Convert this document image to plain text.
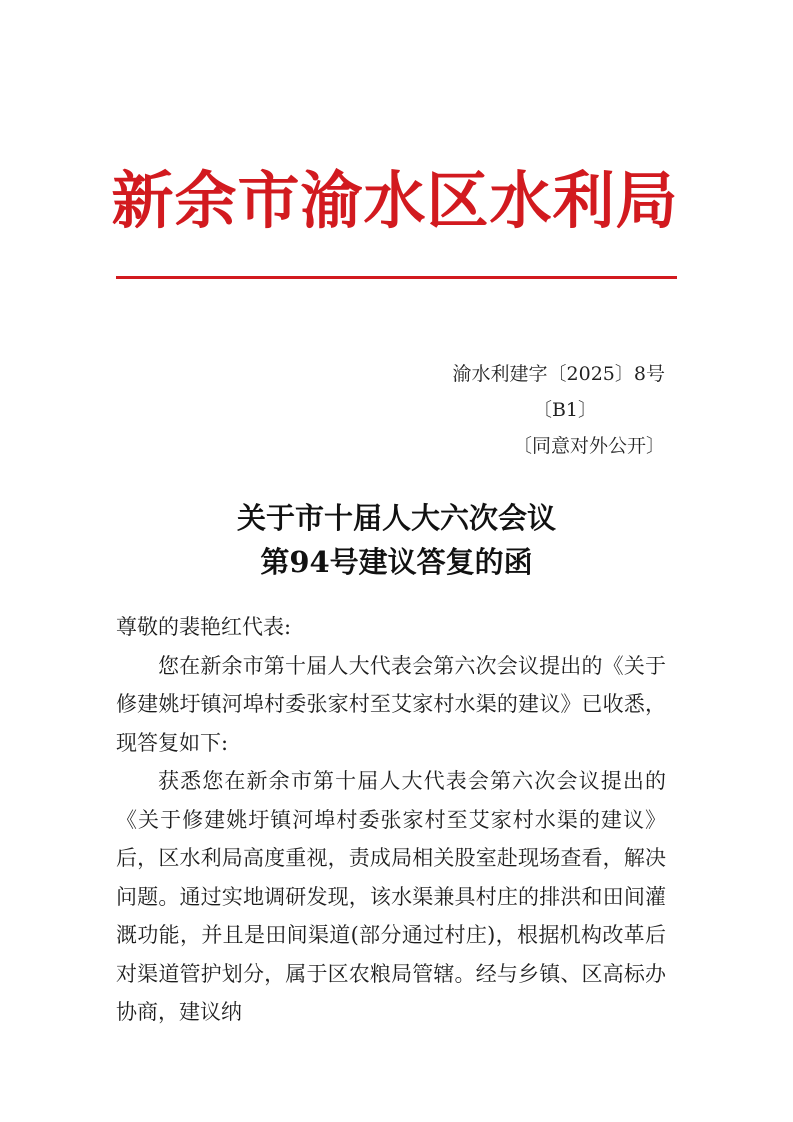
新余市渝水区水利局
渝水利建字〔2025〕8号
〔B1〕
〔同意对外公开〕
关于市十届人大六次会议
第94号建议答复的函

尊敬的裴艳红代表:

您在新余市第十届人大代表会第六次会议提出的《关于修建姚圩镇河埠村委张家村至艾家村水渠的建议》已收悉，现答复如下:

获悉您在新余市第十届人大代表会第六次会议提出的《关于修建姚圩镇河埠村委张家村至艾家村水渠的建议》后，区水利局高度重视，责成局相关股室赴现场查看，解决问题。通过实地调研发现，该水渠兼具村庄的排洪和田间灌溉功能，并且是田间渠道(部分通过村庄)，根据机构改革后对渠道管护划分，属于区农粮局管辖。经与乡镇、区高标办协商，建议纳
